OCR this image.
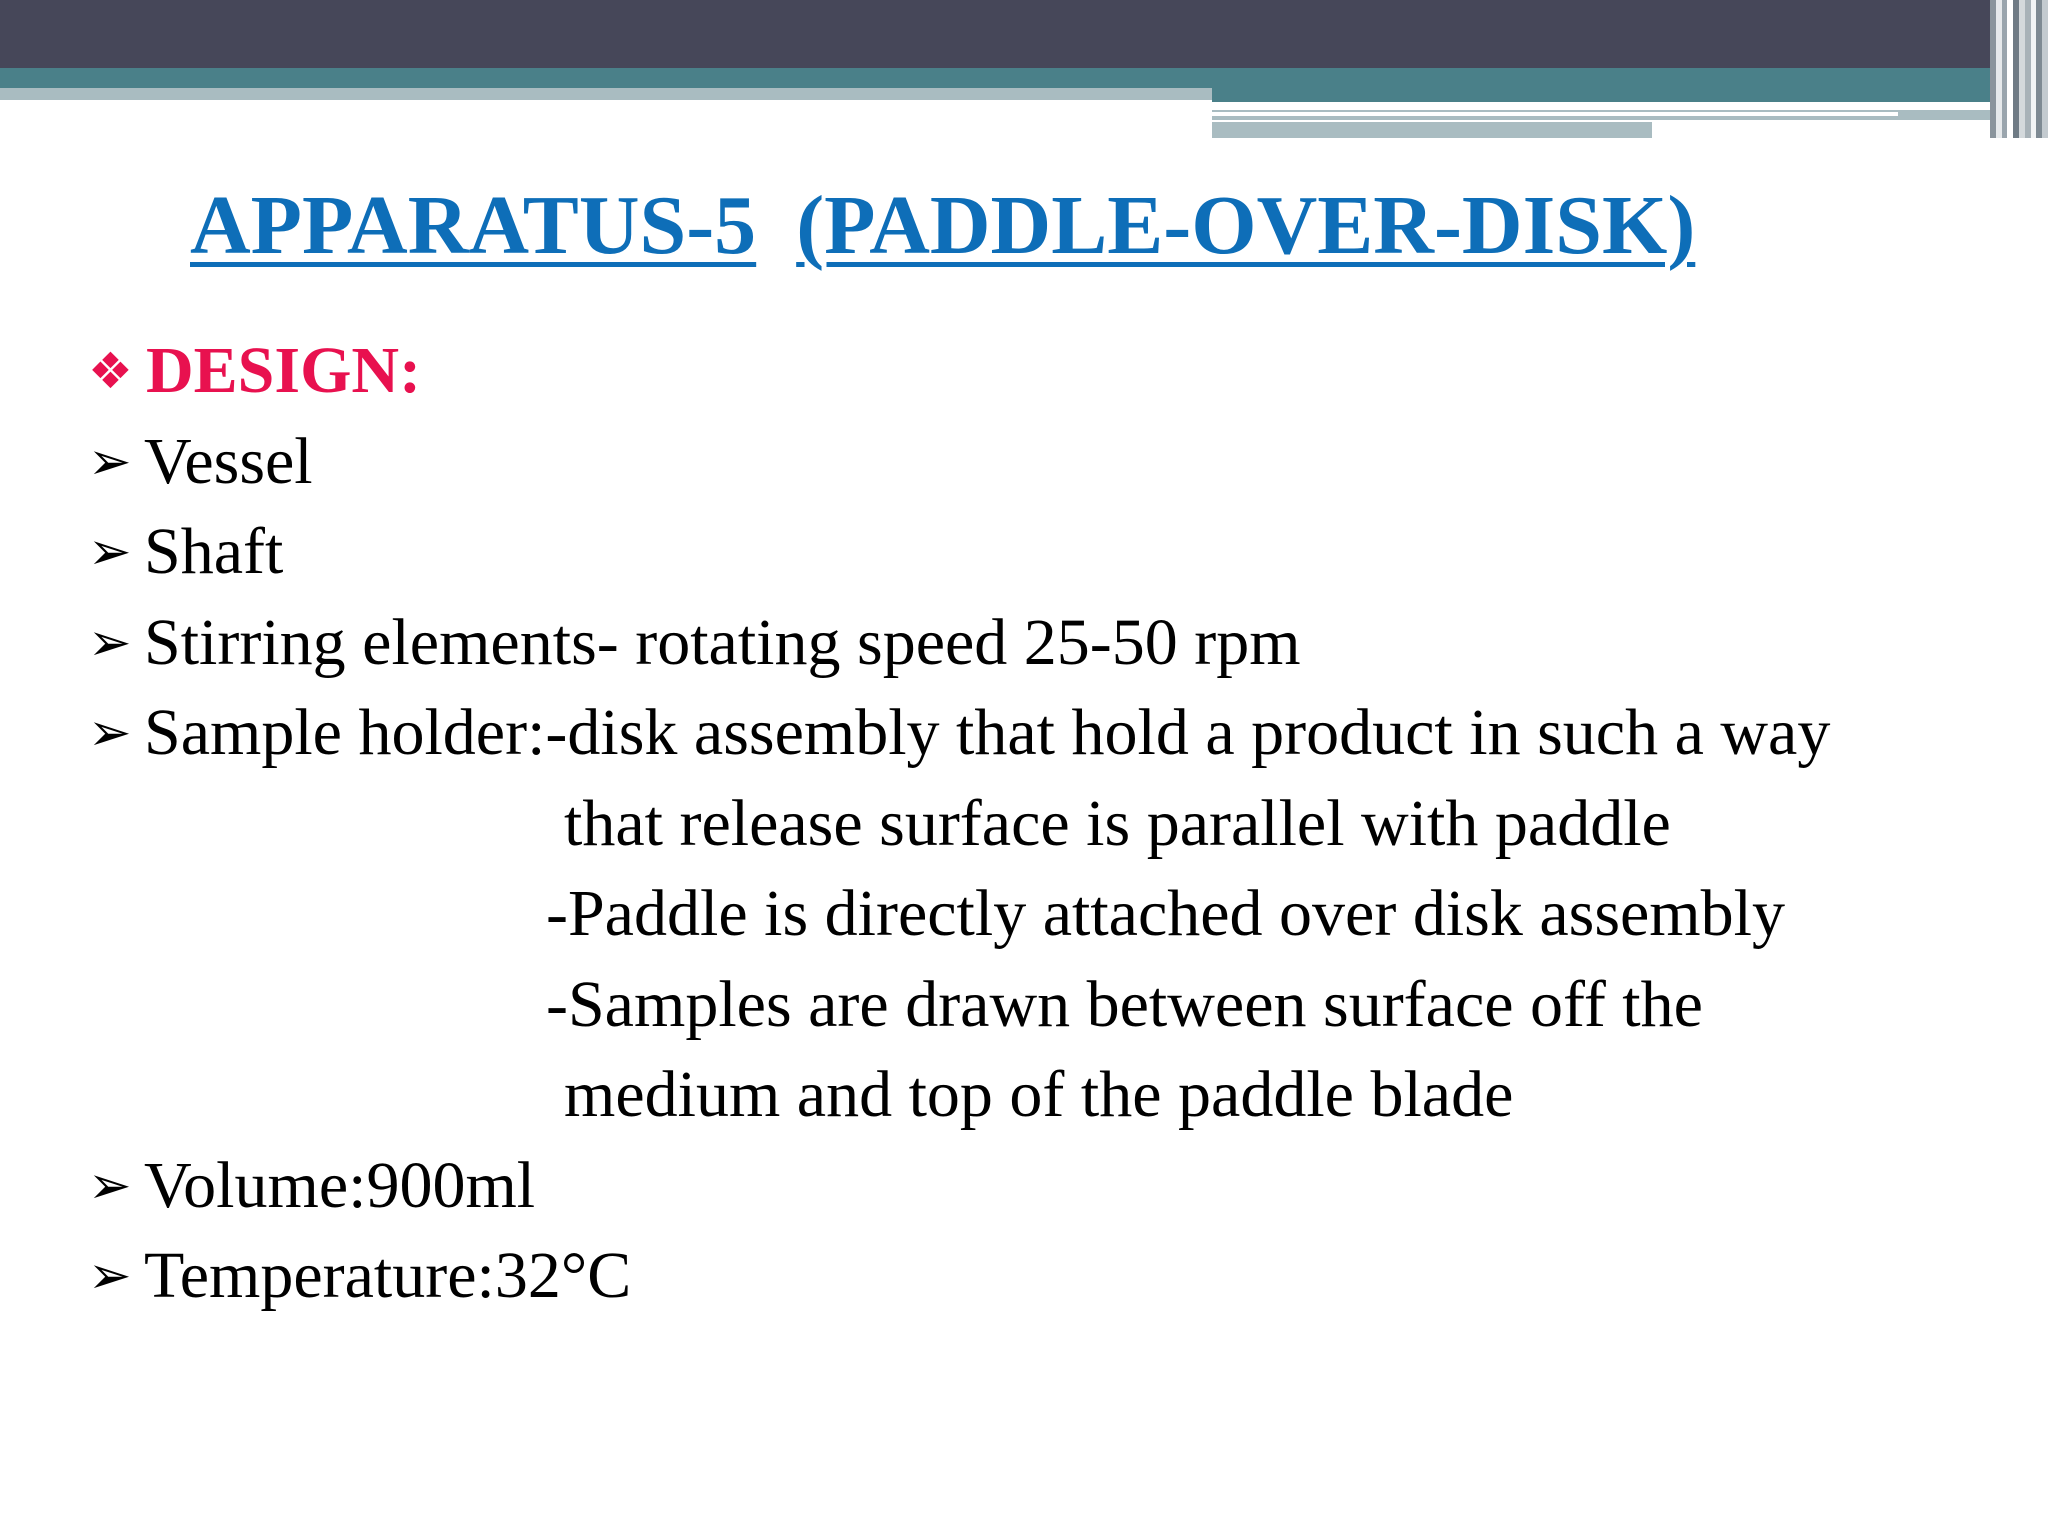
APPARATUS-5 (PADDLE-OVER-DISK)
❖ DESIGN:
➢ Vessel
➢ Shaft
➢ Stirring elements- rotating speed 25-50 rpm
➢ Sample holder:-disk assembly that hold a product in such a way
that release surface is parallel with paddle
-Paddle is directly attached over disk assembly
-Samples are drawn between surface off the
medium and top of the paddle blade
➢ Volume:900ml
➢ Temperature:32°C
